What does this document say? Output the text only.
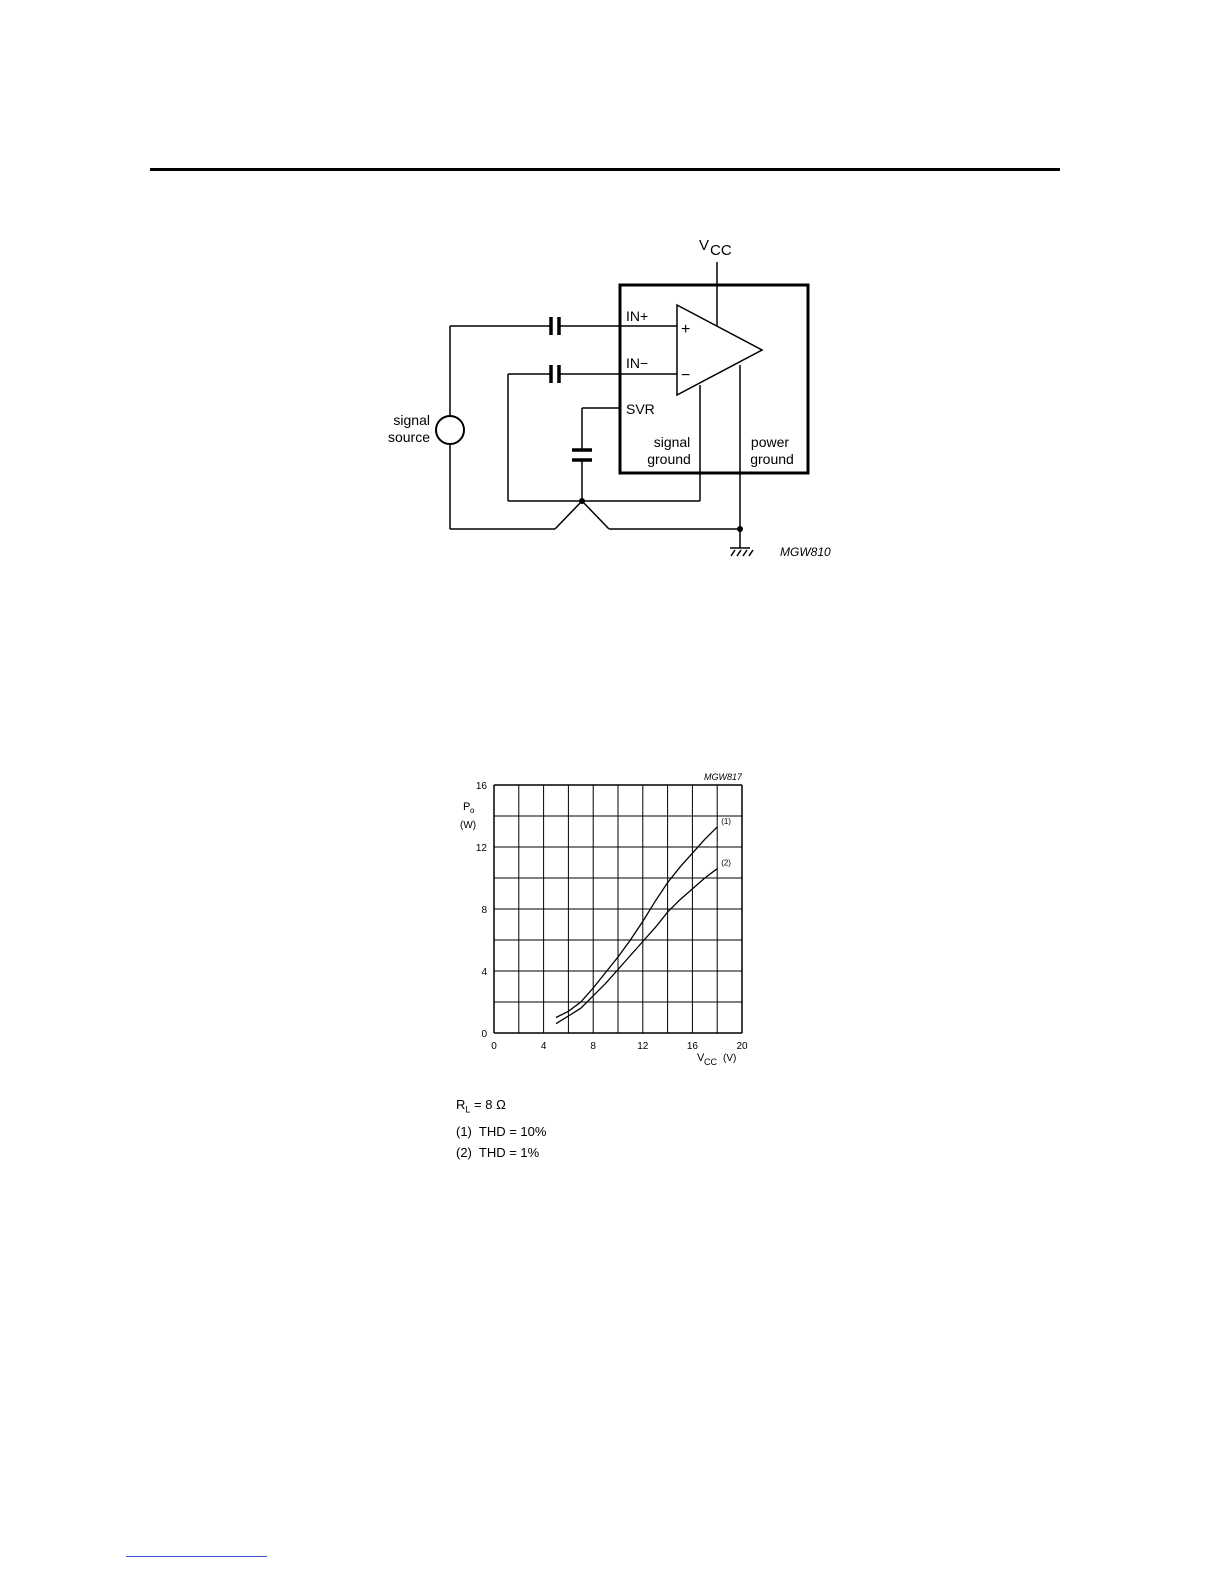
V CC
IN+
IN−
SVR
+
−
signal
source	signal
ground
power
ground
MGW810
0	4	8	12	16	20
0
4
8
12
16
(1)
(2)
MGW817
P o
(W)
V CC (V)
$R_L = 8$ Ω
(1)  THD = 10%
(2)  THD = 1%
